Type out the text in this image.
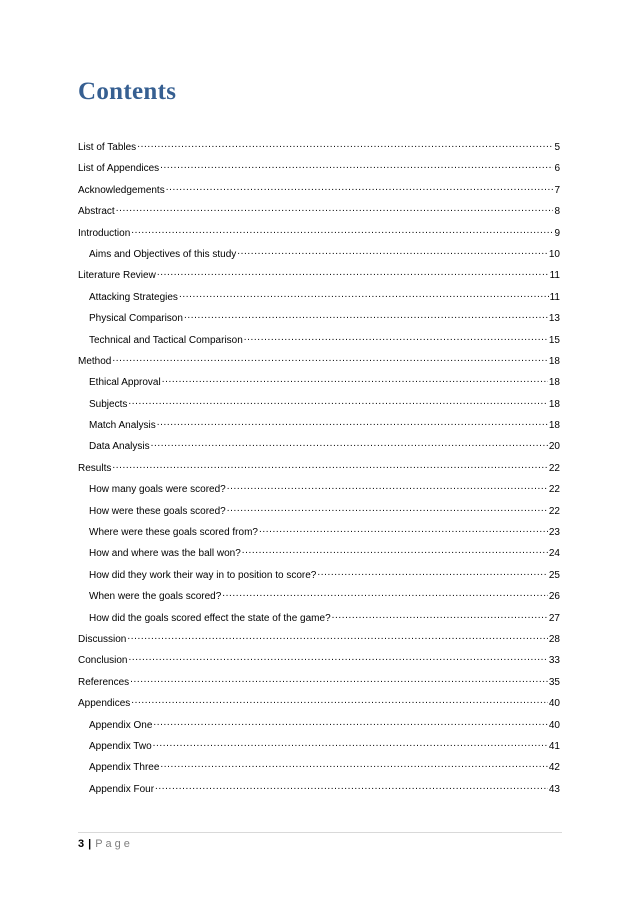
Contents
List of Tables .....	5
List of Appendices .....	6
Acknowledgements .....	7
Abstract .....	8
Introduction .....	9
Aims and Objectives of this study .....	10
Literature Review .....	11
Attacking Strategies .....	11
Physical Comparison .....	13
Technical and Tactical Comparison .....	15
Method .....	18
Ethical Approval .....	18
Subjects .....	18
Match Analysis .....	18
Data Analysis .....	20
Results .....	22
How many goals were scored? .....	22
How were these goals scored? .....	22
Where were these goals scored from? .....	23
How and where was the ball won? .....	24
How did they work their way in to position to score? .....	25
When were the goals scored? .....	26
How did the goals scored effect the state of the game? .....	27
Discussion .....	28
Conclusion .....	33
References .....	35
Appendices .....	40
Appendix One .....	40
Appendix Two .....	41
Appendix Three .....	42
Appendix Four .....	43
3 | Page
